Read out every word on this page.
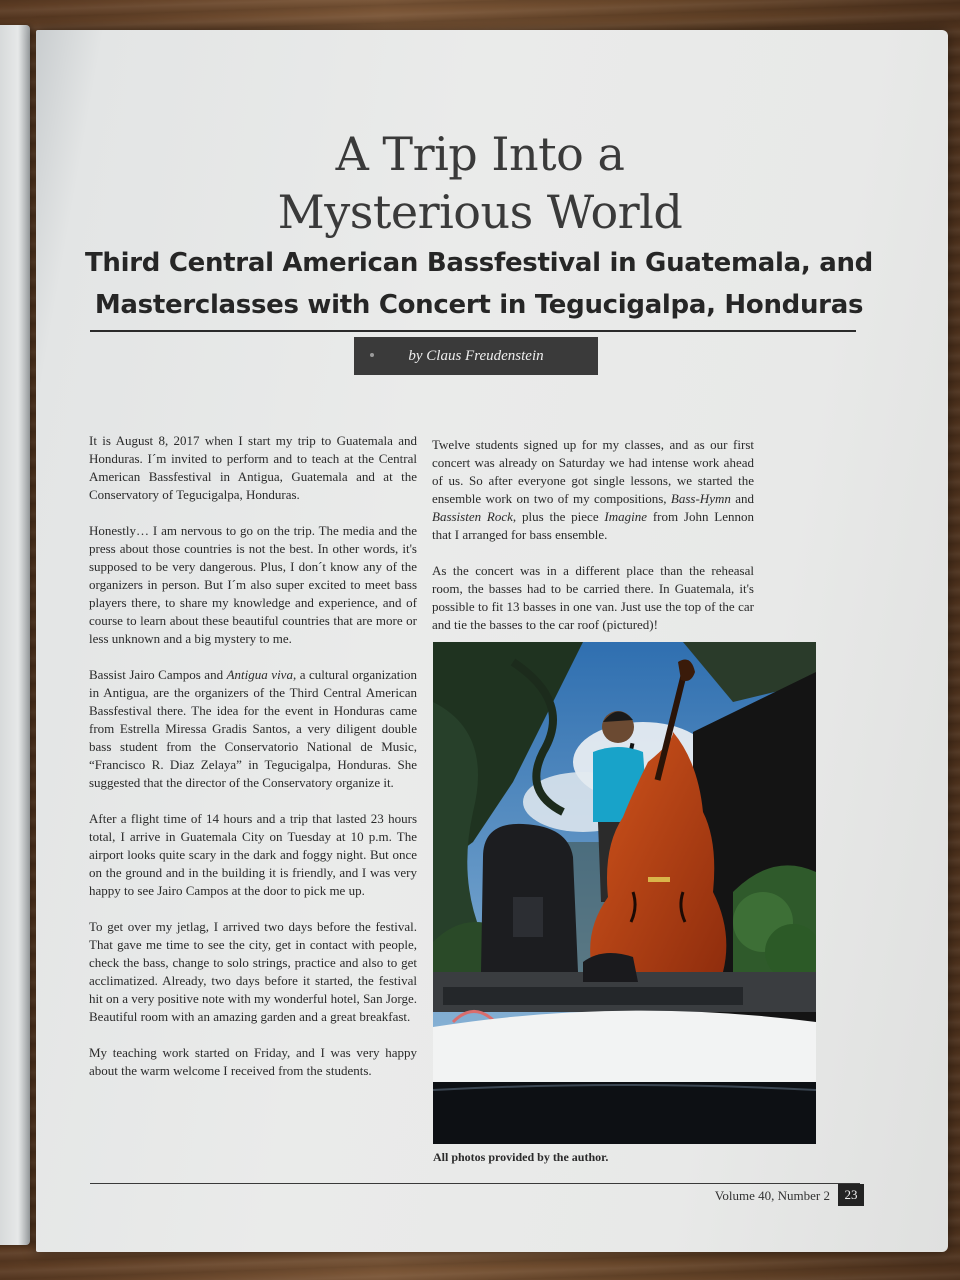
A Trip Into a
Mysterious World
Third Central American Bassfestival in Guatemala, and
Masterclasses with Concert in Tegucigalpa, Honduras
by Claus Freudenstein

It is August 8, 2017 when I start my trip to Guatemala and Honduras. I´m invited to perform and to teach at the Central American Bassfestival in Antigua, Guatemala and at the Conservatory of Tegucigalpa, Honduras.

Honestly… I am nervous to go on the trip. The media and the press about those countries is not the best. In other words, it's supposed to be very dangerous. Plus, I don´t know any of the organizers in person. But I´m also super excited to meet bass players there, to share my knowledge and experience, and of course to learn about these beautiful countries that are more or less unknown and a big mystery to me.

Bassist Jairo Campos and Antigua viva, a cultural organization in Antigua, are the organizers of the Third Central American Bassfestival there. The idea for the event in Honduras came from Estrella Miressa Gradis Santos, a very diligent double bass student from the Conservatorio National de Music, “Francisco R. Diaz Zelaya” in Tegucigalpa, Honduras. She suggested that the director of the Conservatory organize it.

After a flight time of 14 hours and a trip that lasted 23 hours total, I arrive in Guatemala City on Tuesday at 10 p.m. The airport looks quite scary in the dark and foggy night. But once on the ground and in the building it is friendly, and I was very happy to see Jairo Campos at the door to pick me up.

To get over my jetlag, I arrived two days before the festival. That gave me time to see the city, get in contact with people, check the bass, change to solo strings, practice and also to get acclimatized. Already, two days before it started, the festival hit on a very positive note with my wonderful hotel, San Jorge. Beautiful room with an amazing garden and a great breakfast.

My teaching work started on Friday, and I was very happy about the warm welcome I received from the students.

Twelve students signed up for my classes, and as our first concert was already on Saturday we had intense work ahead of us. So after everyone got single lessons, we started the ensemble work on two of my compositions, Bass-Hymn and Bassisten Rock, plus the piece Imagine from John Lennon that I arranged for bass ensemble.

As the concert was in a different place than the reheasal room, the basses had to be carried there. In Guatemala, it's possible to fit 13 basses in one van. Just use the top of the car and tie the basses to the car roof (pictured)!

All photos provided by the author.
Volume 40, Number 2	23
